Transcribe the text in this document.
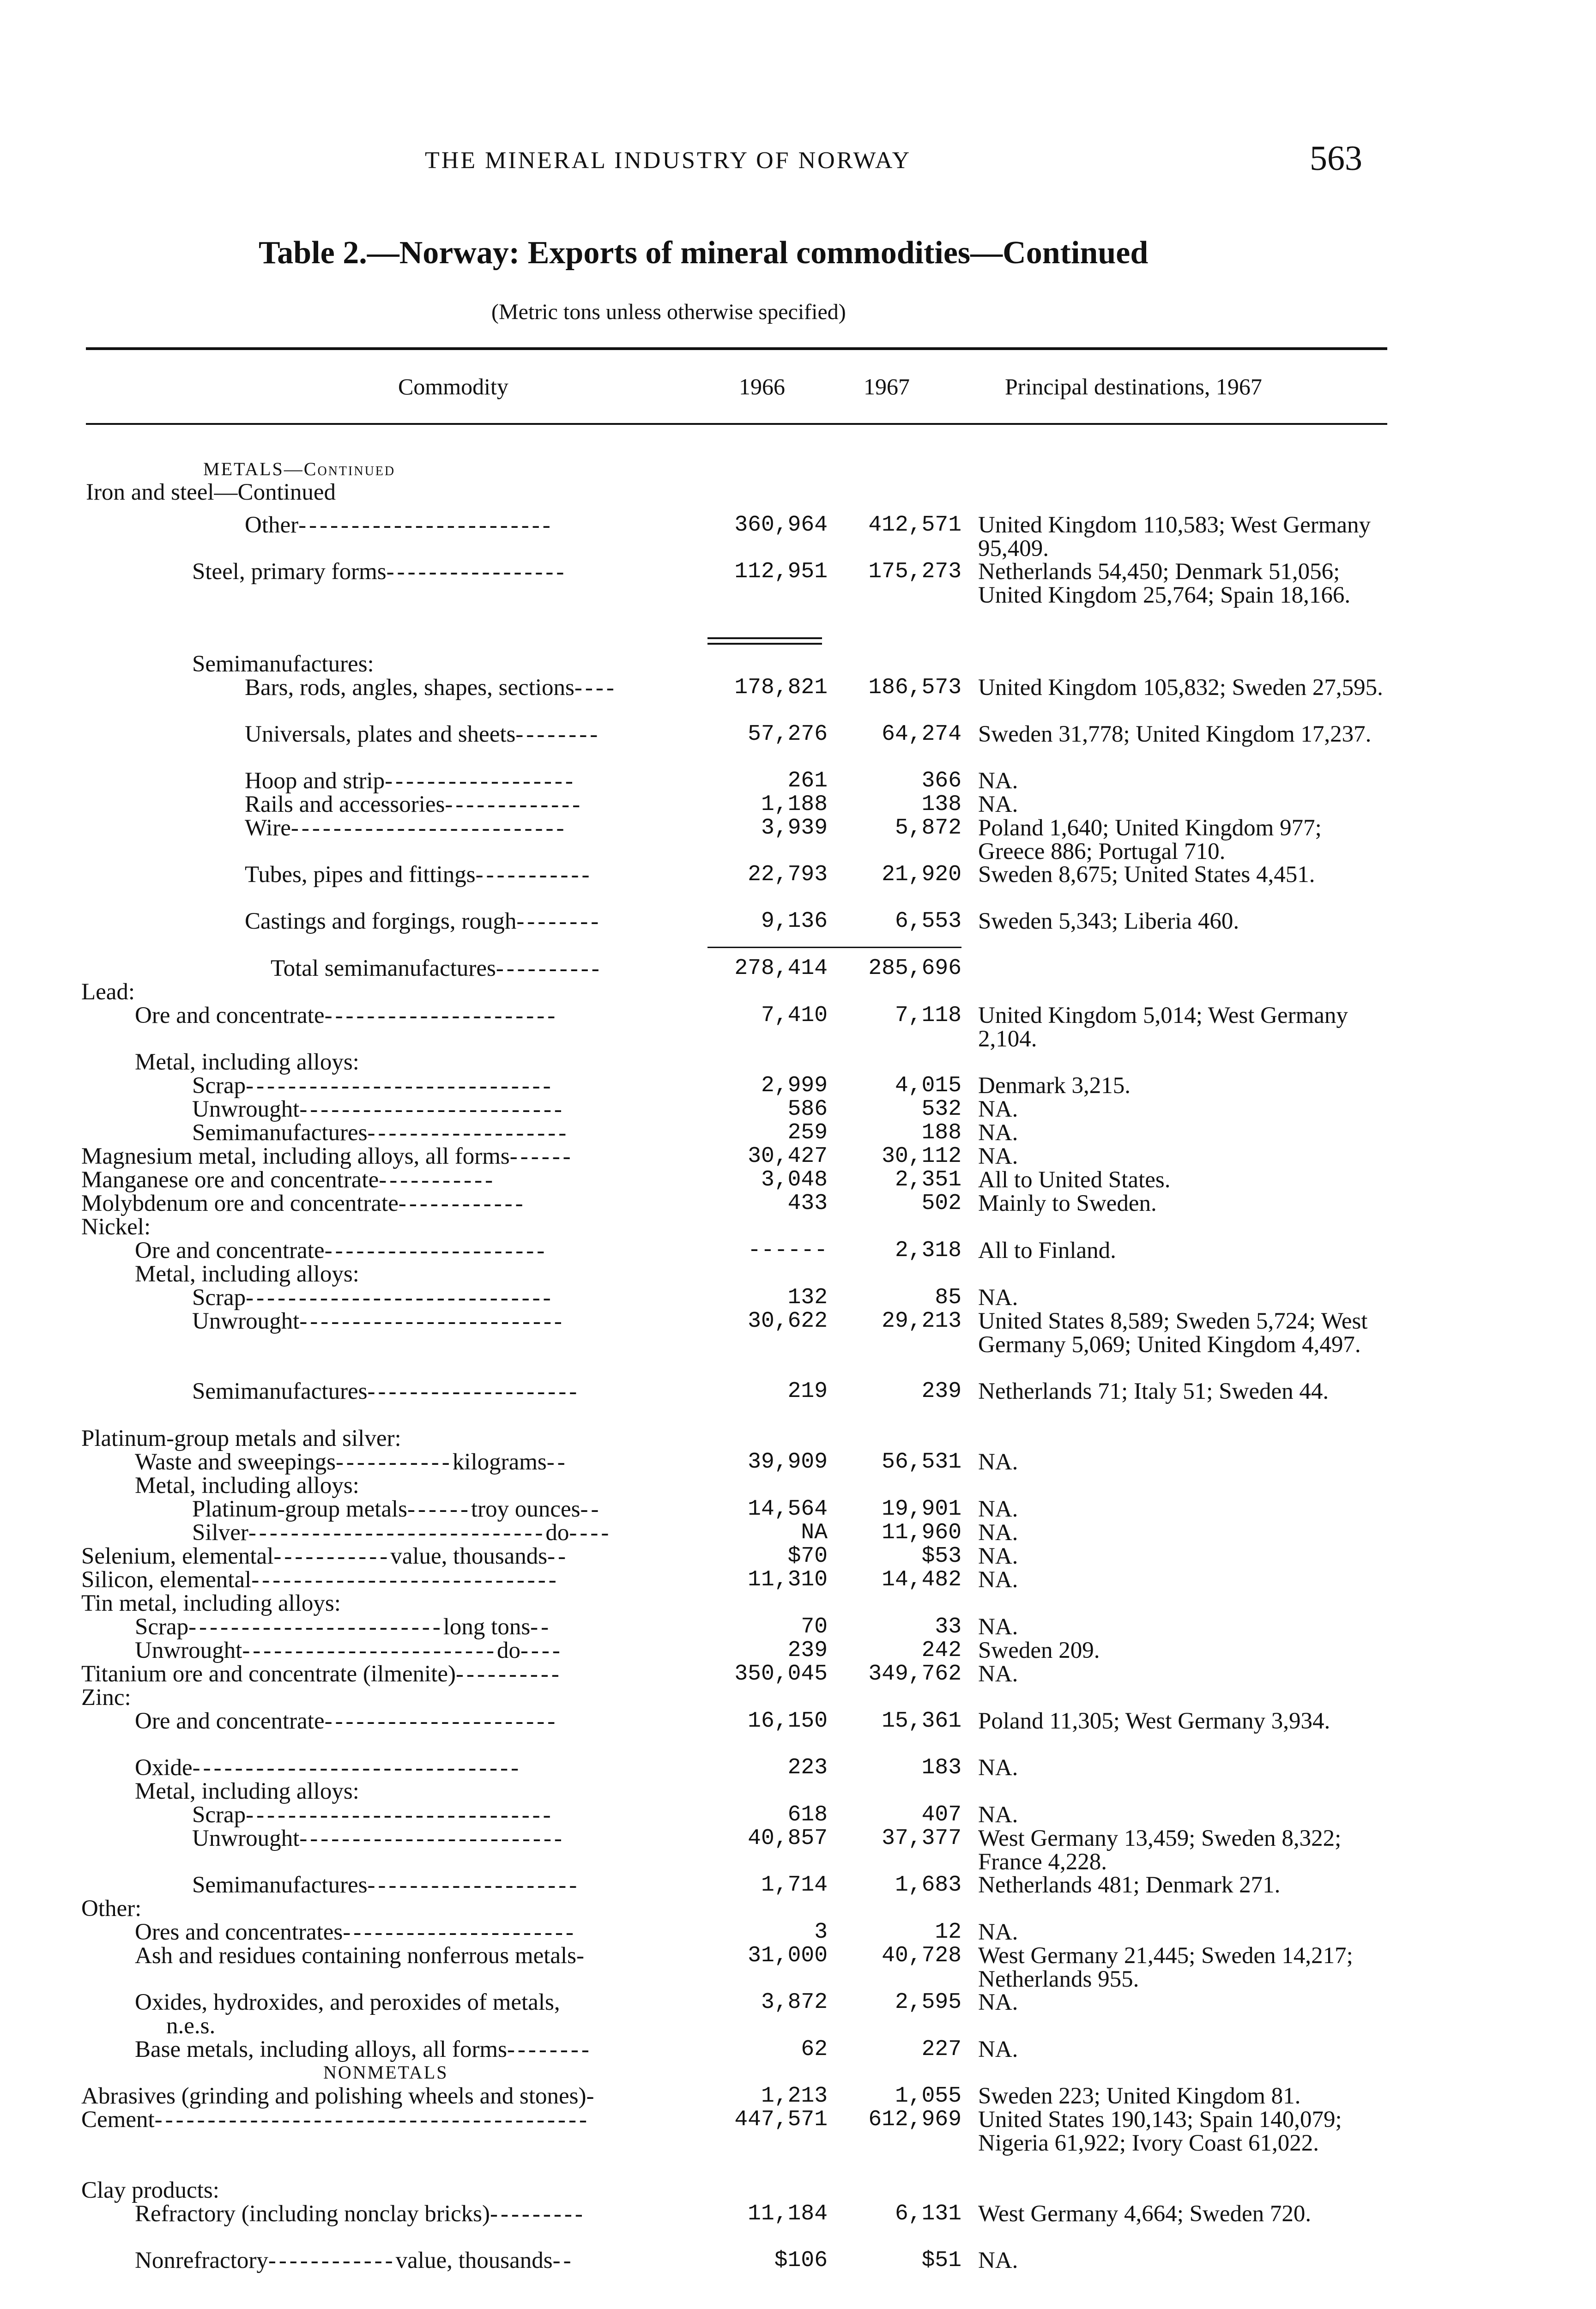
THE MINERAL INDUSTRY OF NORWAY	563
Table 2.—Norway: Exports of mineral commodities—Continued
(Metric tons unless otherwise specified)
Commodity	1966	1967	Principal destinations, 1967
METALS—Continued
Iron and steel—Continued
Other------------------------	360,964	412,571 United Kingdom 110,583; West Germany 95,409.
Steel, primary forms-----------------	112,951	175,273 Netherlands 54,450; Denmark 51,056; United Kingdom 25,764; Spain 18,166.
Semimanufactures:
Bars, rods, angles, shapes, sections----	178,821	186,573 United Kingdom 105,832; Sweden 27,595.
Universals, plates and sheets--------	57,276	64,274 Sweden 31,778; United Kingdom 17,237.
Hoop and strip------------------	261	366 NA.
Rails and accessories-------------	1,188	138 NA.
Wire--------------------------	3,939	5,872 Poland 1,640; United Kingdom 977; Greece 886; Portugal 710.
Tubes, pipes and fittings-----------	22,793	21,920 Sweden 8,675; United States 4,451.
Castings and forgings, rough--------	9,136	6,553 Sweden 5,343; Liberia 460.
Total semimanufactures----------	278,414	285,696
Lead:
Ore and concentrate----------------------	7,410	7,118 United Kingdom 5,014; West Germany 2,104.
Metal, including alloys:
Scrap-----------------------------	2,999	4,015 Denmark 3,215.
Unwrought-------------------------	586	532 NA.
Semimanufactures-------------------	259	188 NA.
Magnesium metal, including alloys, all forms------	30,427	30,112 NA.
Manganese ore and concentrate-----------	3,048	2,351 All to United States.
Molybdenum ore and concentrate------------	433	502 Mainly to Sweden.
Nickel:
Ore and concentrate---------------------	------	2,318 All to Finland.
Metal, including alloys:
Scrap-----------------------------	132	85 NA.
Unwrought-------------------------	30,622	29,213 United States 8,589; Sweden 5,724; West Germany 5,069; United Kingdom 4,497.
Semimanufactures--------------------	219	239 Netherlands 71; Italy 51; Sweden 44.
Platinum-group metals and silver:
Waste and sweepings-----------kilograms--	39,909	56,531 NA.
Metal, including alloys:
Platinum-group metals------troy ounces--	14,564	19,901 NA.
Silver----------------------------do----	NA	11,960 NA.
Selenium, elemental-----------value, thousands--	$70	$53 NA.
Silicon, elemental-----------------------------	11,310	14,482 NA.
Tin metal, including alloys:
Scrap------------------------long tons--	70	33 NA.
Unwrought------------------------do----	239	242 Sweden 209.
Titanium ore and concentrate (ilmenite)----------	350,045	349,762 NA.
Zinc:
Ore and concentrate----------------------	16,150	15,361 Poland 11,305; West Germany 3,934.
Oxide-------------------------------	223	183 NA.
Metal, including alloys:
Scrap-----------------------------	618	407 NA.
Unwrought-------------------------	40,857	37,377 West Germany 13,459; Sweden 8,322; France 4,228.
Semimanufactures--------------------	1,714	1,683 Netherlands 481; Denmark 271.
Other:
Ores and concentrates----------------------	3	12 NA.
Ash and residues containing nonferrous metals-	31,000	40,728 West Germany 21,445; Sweden 14,217; Netherlands 955.
Oxides, hydroxides, and peroxides of metals,	3,872	2,595 NA.
n.e.s.
Base metals, including alloys, all forms--------	62	227 NA.
NONMETALS
Abrasives (grinding and polishing wheels and stones)-	1,213	1,055 Sweden 223; United Kingdom 81.
Cement-----------------------------------------	447,571	612,969 United States 190,143; Spain 140,079; Nigeria 61,922; Ivory Coast 61,022.
Clay products:
Refractory (including nonclay bricks)---------	11,184	6,131 West Germany 4,664; Sweden 720.
Nonrefractory------------value, thousands--	$106	$51 NA.
